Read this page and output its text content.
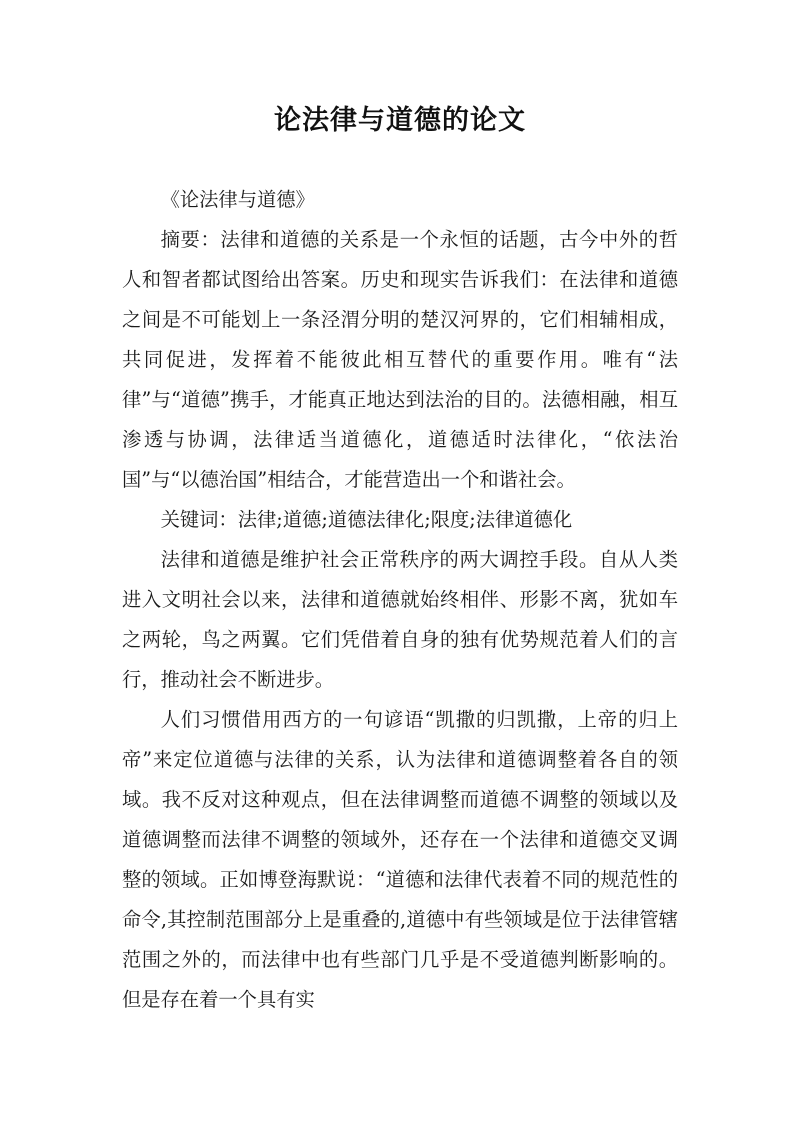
论法律与道德的论文

《论法律与道德》

摘要：法律和道德的关系是一个永恒的话题，古今中外的哲人和智者都试图给出答案。历史和现实告诉我们：在法律和道德之间是不可能划上一条泾渭分明的楚汉河界的，它们相辅相成，共同促进，发挥着不能彼此相互替代的重要作用。唯有“法律”与“道德”携手，才能真正地达到法治的目的。法德相融，相互渗透与协调，法律适当道德化，道德适时法律化，“依法治国”与“以德治国”相结合，才能营造出一个和谐社会。

关键词：法律;道德;道德法律化;限度;法律道德化

法律和道德是维护社会正常秩序的两大调控手段。自从人类进入文明社会以来，法律和道德就始终相伴、形影不离，犹如车之两轮，鸟之两翼。它们凭借着自身的独有优势规范着人们的言行，推动社会不断进步。

人们习惯借用西方的一句谚语“凯撒的归凯撒，上帝的归上帝”来定位道德与法律的关系，认为法律和道德调整着各自的领域。我不反对这种观点，但在法律调整而道德不调整的领域以及道德调整而法律不调整的领域外，还存在一个法律和道德交叉调整的领域。正如博登海默说：“道德和法律代表着不同的规范性的命令,其控制范围部分上是重叠的,道德中有些领域是位于法律管辖范围之外的，而法律中也有些部门几乎是不受道德判断影响的。但是存在着一个具有实
